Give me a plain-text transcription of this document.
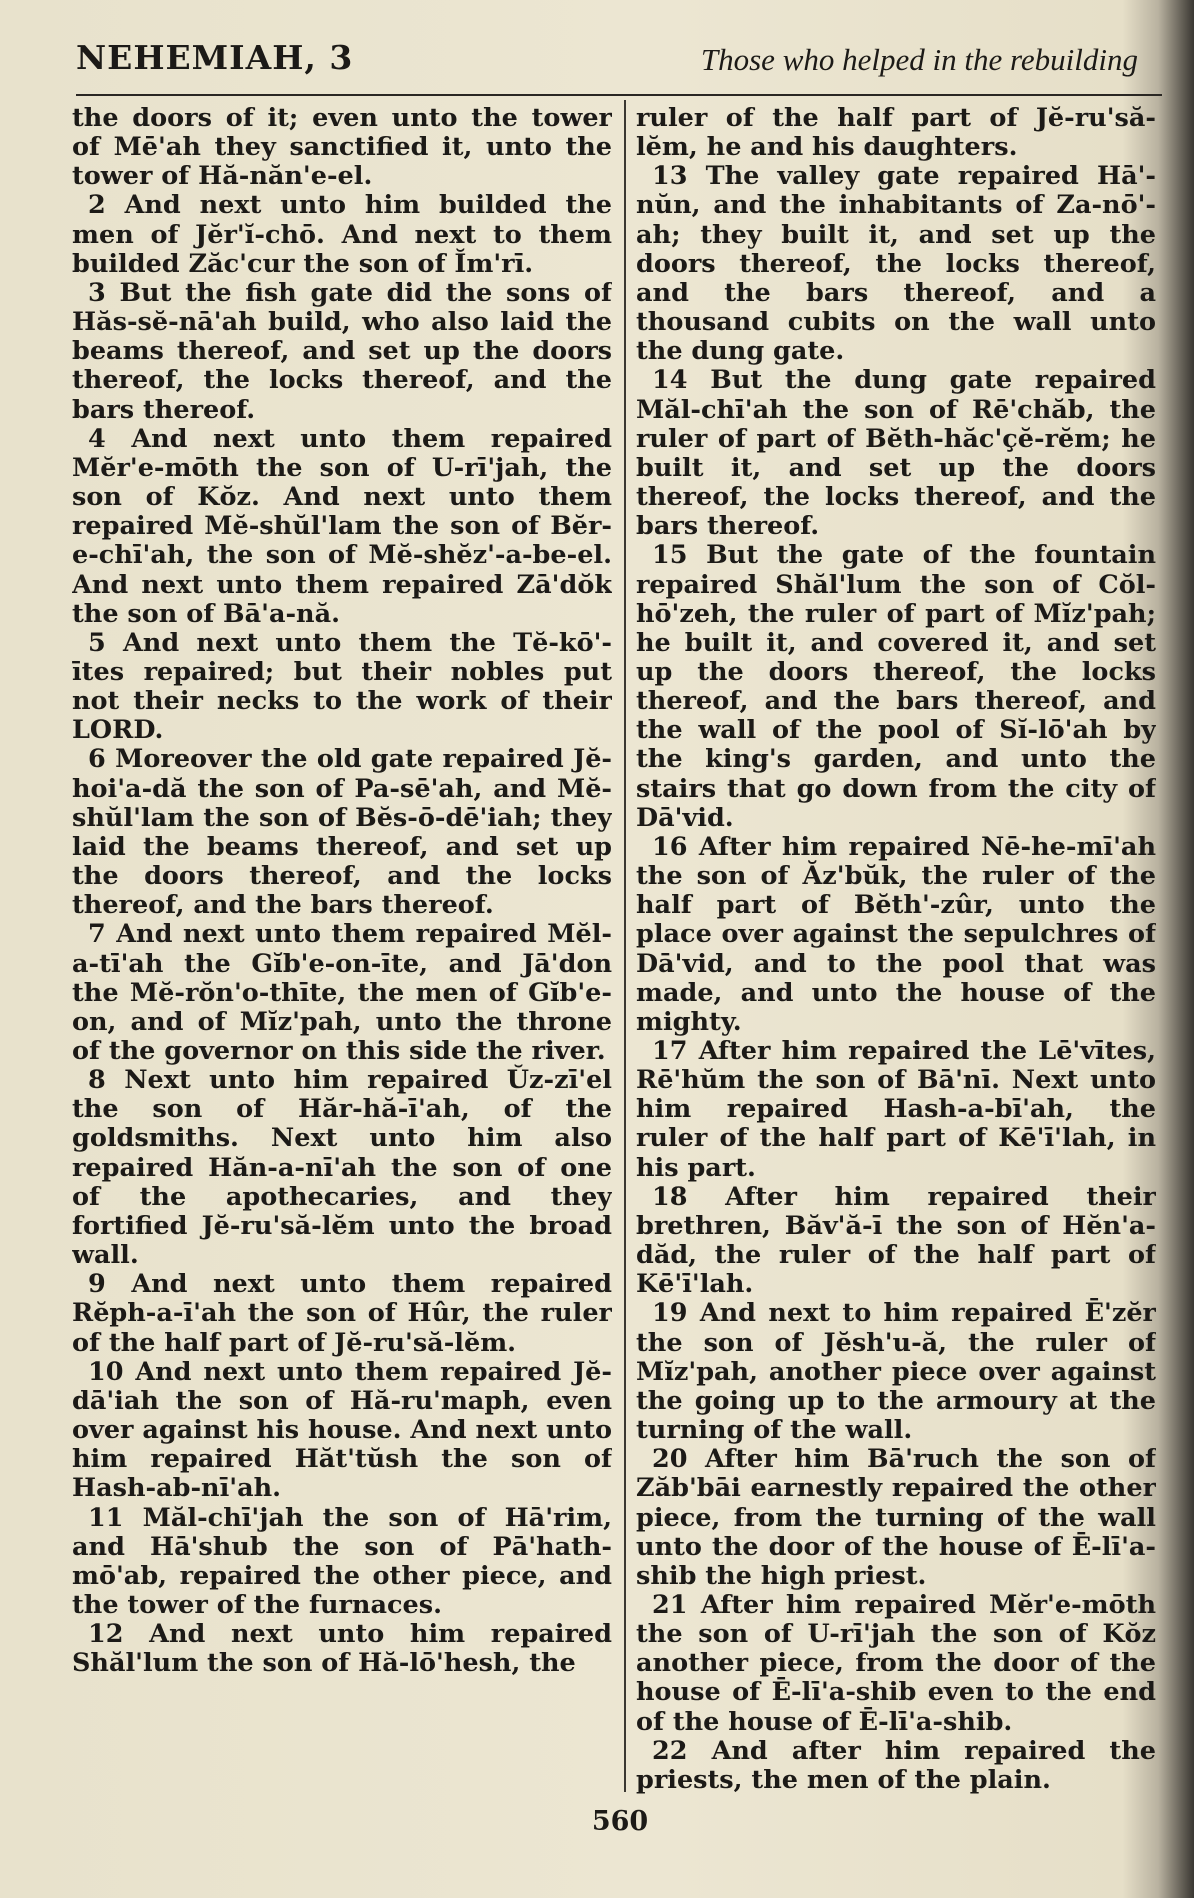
NEHEMIAH, 3	Those who helped in the rebuilding

the doors of it; even unto the tower of Mē'ah they sanctified it, unto the tower of Hă-năn'e-el.

2 And next unto him builded the men of Jĕr'ĭ-chō. And next to them builded Zăc'cur the son of Ĭm'rī.

3 But the fish gate did the sons of Hăs-sĕ-nā'ah build, who also laid the beams thereof, and set up the doors thereof, the locks thereof, and the bars thereof.

4 And next unto them repaired Mĕr'e-mōth the son of U-rī'jah, the son of Kŏz. And next unto them repaired Mĕ-shŭl'lam the son of Bĕr-e-chī'ah, the son of Mĕ-shĕz'-a-be-el. And next unto them repaired Zā'dŏk the son of Bā'a-nă.

5 And next unto them the Tĕ-kō'-ītes repaired; but their nobles put not their necks to the work of their LORD.

6 Moreover the old gate repaired Jĕ-hoi'a-dă the son of Pa-sē'ah, and Mĕ-shŭl'lam the son of Bĕs-ō-dē'iah; they laid the beams thereof, and set up the doors thereof, and the locks thereof, and the bars thereof.

7 And next unto them repaired Mĕl-a-tī'ah the Gĭb'e-on-īte, and Jā'don the Mĕ-rŏn'o-thīte, the men of Gĭb'e-on, and of Mĭz'pah, unto the throne of the governor on this side the river.

8 Next unto him repaired Ŭz-zī'el the son of Hăr-hă-ī'ah, of the goldsmiths. Next unto him also repaired Hăn-a-nī'ah the son of one of the apothecaries, and they fortified Jĕ-ru'să-lĕm unto the broad wall.

9 And next unto them repaired Rĕph-a-ī'ah the son of Hûr, the ruler of the half part of Jĕ-ru'să-lĕm.

10 And next unto them repaired Jĕ-dā'iah the son of Hă-ru'maph, even over against his house. And next unto him repaired Hăt'tŭsh the son of Hash-ab-nī'ah.

11 Măl-chī'jah the son of Hā'rim, and Hā'shub the son of Pā'hath-mō'ab, repaired the other piece, and the tower of the furnaces.

12 And next unto him repaired Shăl'lum the son of Hă-lō'hesh, the

ruler of the half part of Jĕ-ru'să-lĕm, he and his daughters.

13 The valley gate repaired Hā'-nŭn, and the inhabitants of Za-nō'-ah; they built it, and set up the doors thereof, the locks thereof, and the bars thereof, and a thousand cubits on the wall unto the dung gate.

14 But the dung gate repaired Măl-chī'ah the son of Rē'chăb, the ruler of part of Bĕth-hăc'çĕ-rĕm; he built it, and set up the doors thereof, the locks thereof, and the bars thereof.

15 But the gate of the fountain repaired Shăl'lum the son of Cŏl-hō'zeh, the ruler of part of Mĭz'pah; he built it, and covered it, and set up the doors thereof, the locks thereof, and the bars thereof, and the wall of the pool of Sĭ-lō'ah by the king's garden, and unto the stairs that go down from the city of Dā'vid.

16 After him repaired Nē-he-mī'ah the son of Ăz'bŭk, the ruler of the half part of Bĕth'-zûr, unto the place over against the sepulchres of Dā'vid, and to the pool that was made, and unto the house of the mighty.

17 After him repaired the Lē'vītes, Rē'hŭm the son of Bā'nī. Next unto him repaired Hash-a-bī'ah, the ruler of the half part of Kē'ī'lah, in his part.

18 After him repaired their brethren, Băv'ă-ī the son of Hĕn'a-dăd, the ruler of the half part of Kē'ī'lah.

19 And next to him repaired Ē'zĕr the son of Jĕsh'u-ă, the ruler of Mĭz'pah, another piece over against the going up to the armoury at the turning of the wall.

20 After him Bā'ruch the son of Zăb'bāi earnestly repaired the other piece, from the turning of the wall unto the door of the house of Ē-lī'a-shib the high priest.

21 After him repaired Mĕr'e-mōth the son of U-rī'jah the son of Kŏz another piece, from the door of the house of Ē-lī'a-shib even to the end of the house of Ē-lī'a-shib.

22 And after him repaired the priests, the men of the plain.

560
